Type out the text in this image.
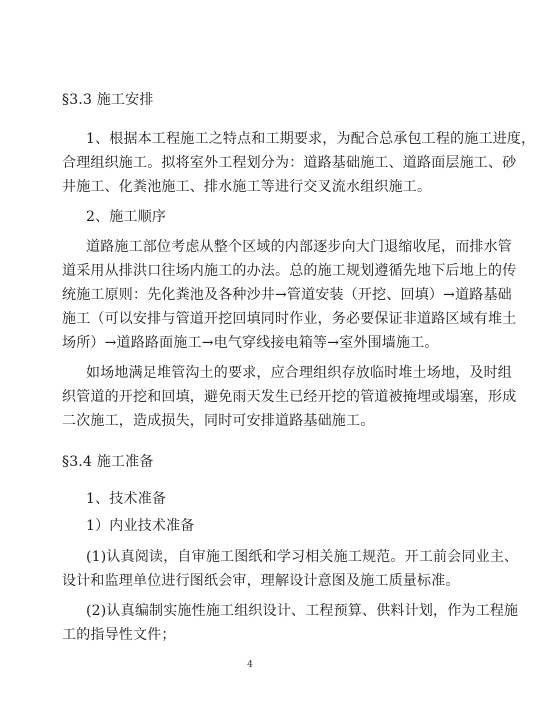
§3.3 施工安排
1、根据本工程施工之特点和工期要求，为配合总承包工程的施工进度，
合理组织施工。拟将室外工程划分为：道路基础施工、道路面层施工、砂
井施工、化粪池施工、排水施工等进行交叉流水组织施工。
2、施工顺序
道路施工部位考虑从整个区域的内部逐步向大门退缩收尾，而排水管
道采用从排洪口往场内施工的办法。总的施工规划遵循先地下后地上的传
统施工原则：先化粪池及各种沙井→管道安装（开挖、回填）→道路基础
施工（可以安排与管道开挖回填同时作业，务必要保证非道路区域有堆土
场所）→道路路面施工→电气穿线接电箱等→室外围墙施工。
如场地满足堆管沟土的要求，应合理组织存放临时堆土场地，及时组
织管道的开挖和回填，避免雨天发生已经开挖的管道被掩埋或塌塞，形成
二次施工，造成损失，同时可安排道路基础施工。
§3.4 施工准备
1、技术准备
1）内业技术准备
(1)认真阅读，自审施工图纸和学习相关施工规范。开工前会同业主、
设计和监理单位进行图纸会审，理解设计意图及施工质量标准。
(2)认真编制实施性施工组织设计、工程预算、供料计划，作为工程施
工的指导性文件；
4
